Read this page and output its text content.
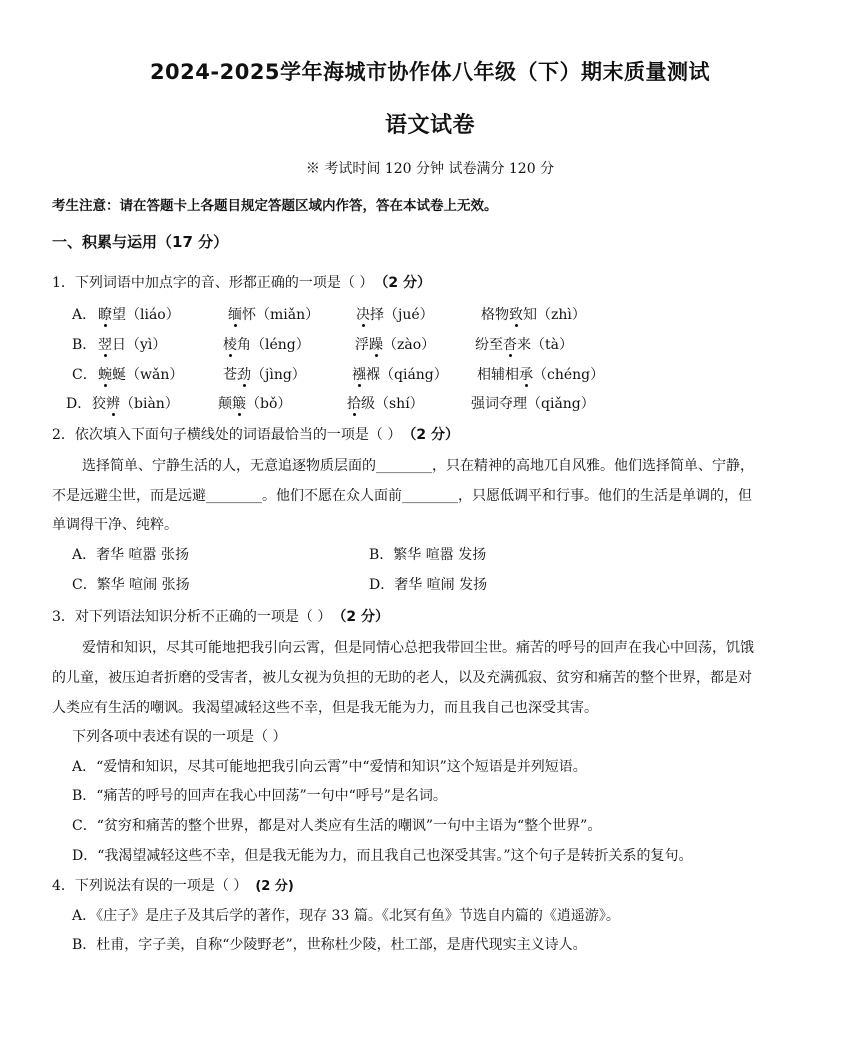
2024-2025学年海城市协作体八年级（下）期末质量测试
语文试卷
※ 考试时间 120 分钟 试卷满分 120 分
考生注意：请在答题卡上各题目规定答题区域内作答，答在本试卷上无效。
一、积累与运用（17 分）
1．下列词语中加点字的音、形都正确的一项是（ ） （2 分）
A． 瞭望（liáo）	缅怀（miǎn）	决择（jué）	格物致知（zhì）
B． 翌日（yì）	棱角（léng）	浮躁（zào）	纷至沓来（tà）
C． 蜿蜒（wǎn）	苍劲（jìng）	襁褓（qiáng） 相辅相承（chéng）
D． 狡辨（biàn）	颠簸（bǒ）	拾级（shí）	强词夺理（qiǎng）
2．依次填入下面句子横线处的词语最恰当的一项是（ ） （2 分）
选择简单、宁静生活的人，无意追逐物质层面的________，只在精神的高地兀自风雅。他们选择简单、宁静，
不是远避尘世，而是远避________。他们不愿在众人面前________，只愿低调平和行事。他们的生活是单调的，但
单调得干净、纯粹。
A．奢华 喧嚣 张扬	B．繁华 喧嚣 发扬
C．繁华 喧闹 张扬	D．奢华 喧闹 发扬
3．对下列语法知识分析不正确的一项是（ ） （2 分）
爱情和知识，尽其可能地把我引向云霄，但是同情心总把我带回尘世。痛苦的呼号的回声在我心中回荡，饥饿
的儿童，被压迫者折磨的受害者，被儿女视为负担的无助的老人，以及充满孤寂、贫穷和痛苦的整个世界，都是对
人类应有生活的嘲讽。我渴望减轻这些不幸，但是我无能为力，而且我自己也深受其害。
下列各项中表述有误的一项是（ ）
A．“爱情和知识，尽其可能地把我引向云霄”中“爱情和知识”这个短语是并列短语。
B．“痛苦的呼号的回声在我心中回荡”一句中“呼号”是名词。
C．“贫穷和痛苦的整个世界，都是对人类应有生活的嘲讽”一句中主语为“整个世界”。
D．“我渴望减轻这些不幸，但是我无能为力，而且我自己也深受其害。”这个句子是转折关系的复句。
4．下列说法有误的一项是（ ） (2 分)
A．《庄子》是庄子及其后学的著作，现存 33 篇。《北冥有鱼》节选自内篇的《逍遥游》。
B．杜甫，字子美，自称“少陵野老”，世称杜少陵，杜工部，是唐代现实主义诗人。
